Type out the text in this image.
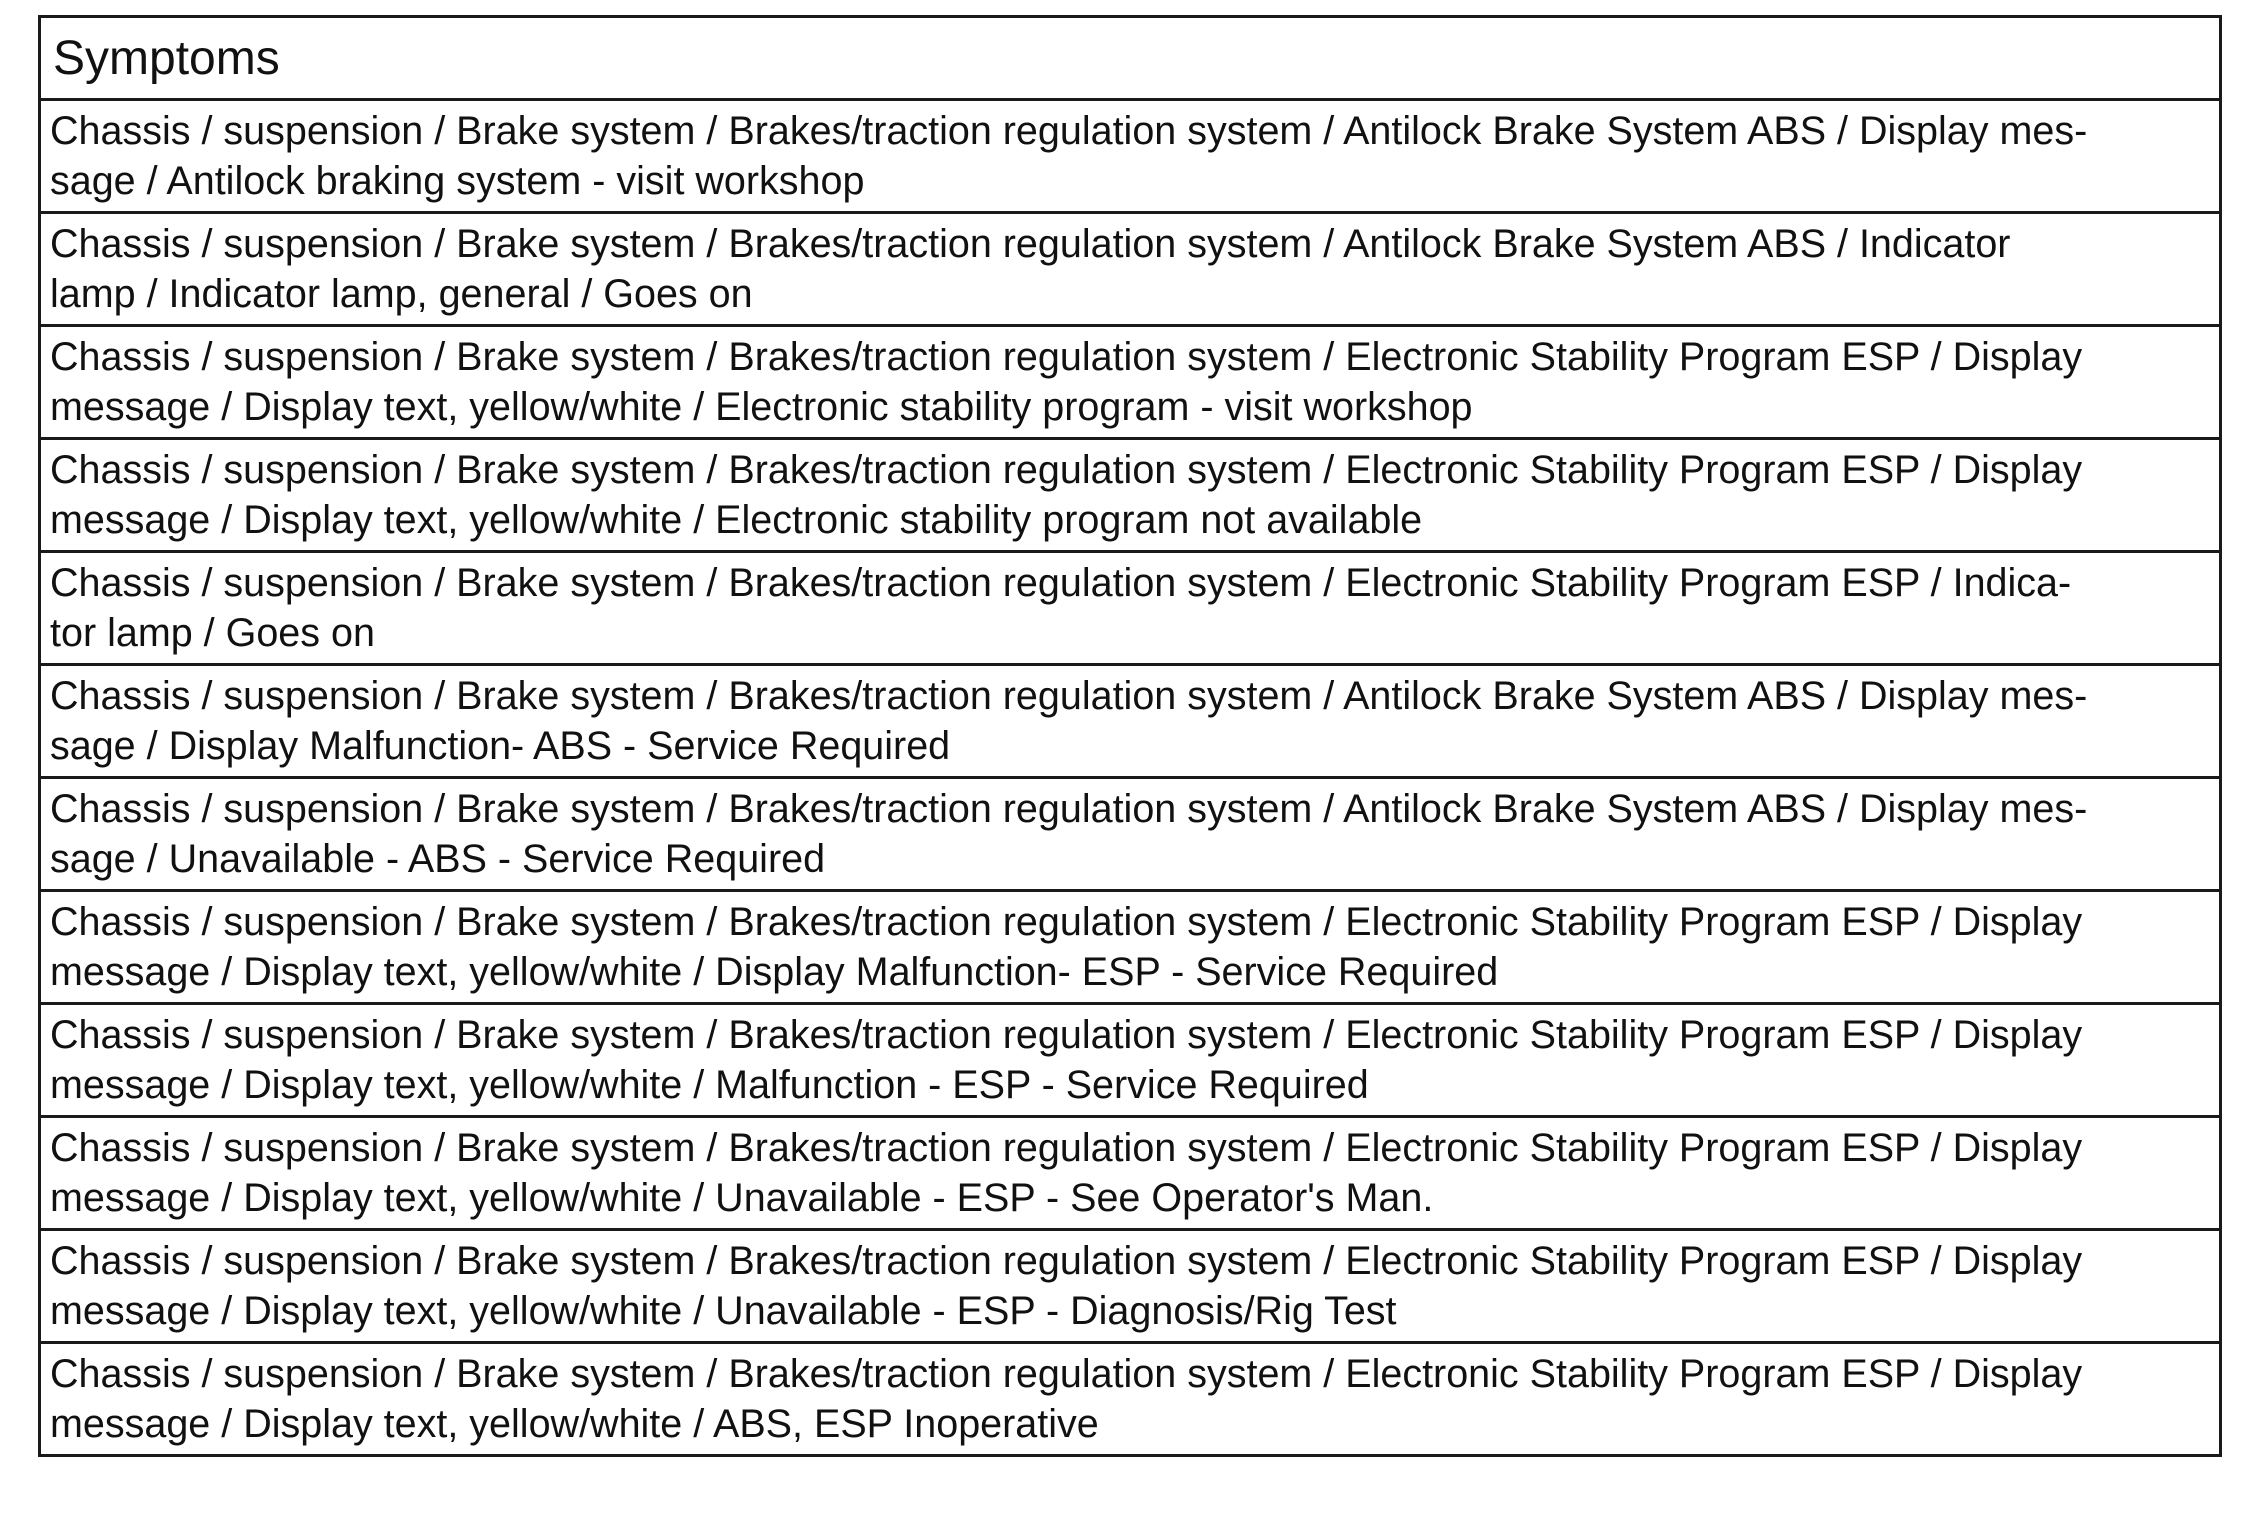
Symptoms

Chassis / suspension / Brake system / Brakes/traction regulation system / Antilock Brake System ABS / Display mes-
sage / Antilock braking system - visit workshop

Chassis / suspension / Brake system / Brakes/traction regulation system / Antilock Brake System ABS / Indicator
lamp / Indicator lamp, general / Goes on

Chassis / suspension / Brake system / Brakes/traction regulation system / Electronic Stability Program ESP / Display
message / Display text, yellow/white / Electronic stability program - visit workshop

Chassis / suspension / Brake system / Brakes/traction regulation system / Electronic Stability Program ESP / Display
message / Display text, yellow/white / Electronic stability program not available

Chassis / suspension / Brake system / Brakes/traction regulation system / Electronic Stability Program ESP / Indica-
tor lamp / Goes on

Chassis / suspension / Brake system / Brakes/traction regulation system / Antilock Brake System ABS / Display mes-
sage / Display Malfunction- ABS - Service Required

Chassis / suspension / Brake system / Brakes/traction regulation system / Antilock Brake System ABS / Display mes-
sage / Unavailable - ABS - Service Required

Chassis / suspension / Brake system / Brakes/traction regulation system / Electronic Stability Program ESP / Display
message / Display text, yellow/white / Display Malfunction- ESP - Service Required

Chassis / suspension / Brake system / Brakes/traction regulation system / Electronic Stability Program ESP / Display
message / Display text, yellow/white / Malfunction - ESP - Service Required

Chassis / suspension / Brake system / Brakes/traction regulation system / Electronic Stability Program ESP / Display
message / Display text, yellow/white / Unavailable - ESP - See Operator's Man.

Chassis / suspension / Brake system / Brakes/traction regulation system / Electronic Stability Program ESP / Display
message / Display text, yellow/white / Unavailable - ESP - Diagnosis/Rig Test

Chassis / suspension / Brake system / Brakes/traction regulation system / Electronic Stability Program ESP / Display
message / Display text, yellow/white / ABS, ESP Inoperative
